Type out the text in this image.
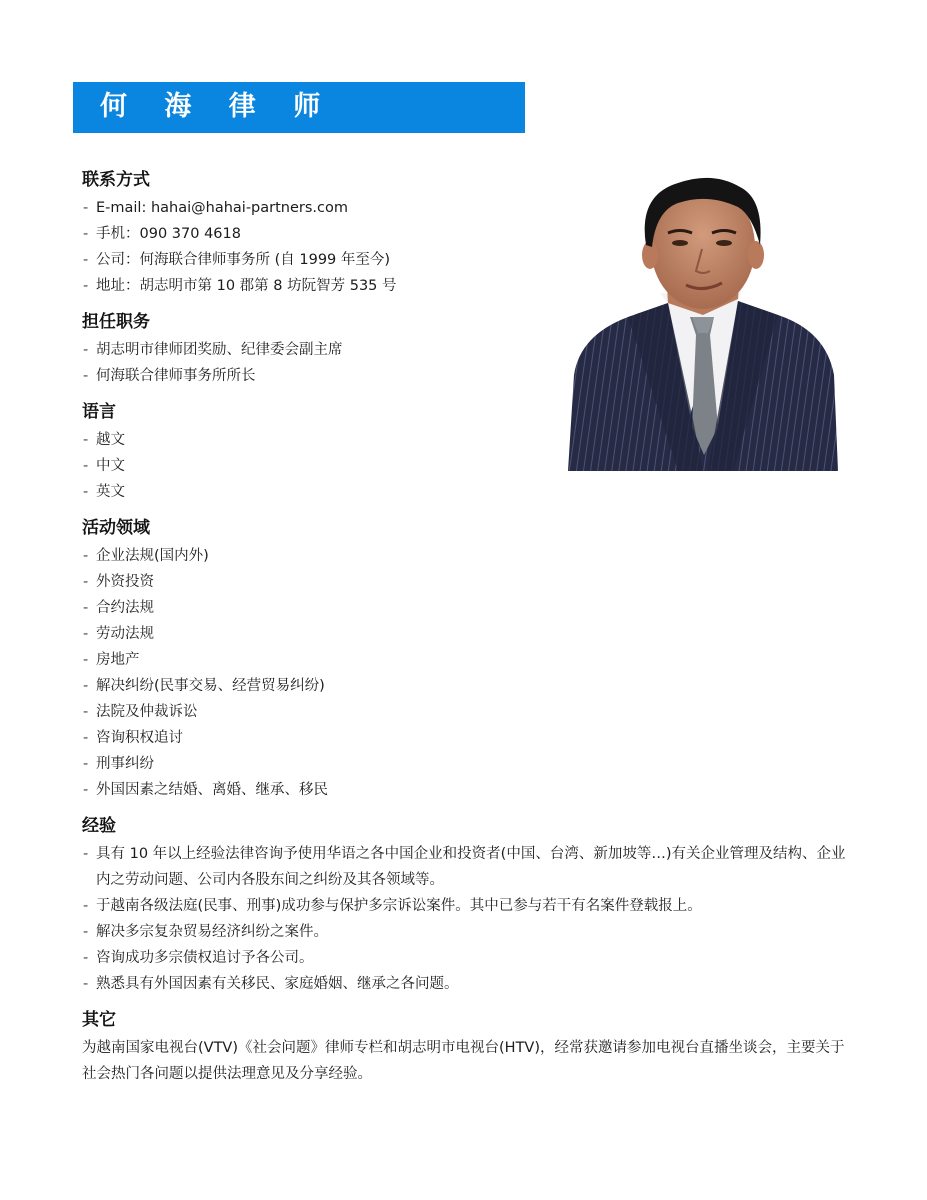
何 海 律 师
联系方式
- E-mail: hahai@hahai-partners.com
- 手机：090 370 4618
- 公司：何海联合律师事务所 (自 1999 年至今)
- 地址：胡志明市第 10 郡第 8 坊阮智芳 535 号
担任职务
- 胡志明市律师团奖励、纪律委会副主席
- 何海联合律师事务所所长
语言
- 越文
- 中文
- 英文
活动领域
- 企业法规(国内外)
- 外资投资
- 合约法规
- 劳动法规
- 房地产
- 解决纠纷(民事交易、经营贸易纠纷)
- 法院及仲裁诉讼
- 咨询积权追讨
- 刑事纠纷
- 外国因素之结婚、离婚、继承、移民
经验
- 具有 10 年以上经验法律咨询予使用华语之各中国企业和投资者(中国、台湾、新加坡等…)有关企业管理及结构、企业内之劳动问题、公司内各股东间之纠纷及其各领域等。
- 于越南各级法庭(民事、刑事)成功参与保护多宗诉讼案件。其中已参与若干有名案件登载报上。
- 解决多宗复杂贸易经济纠纷之案件。
- 咨询成功多宗债权追讨予各公司。
- 熟悉具有外国因素有关移民、家庭婚姻、继承之各问题。
其它

为越南国家电视台(VTV)《社会问题》律师专栏和胡志明市电视台(HTV)，经常获邀请参加电视台直播坐谈会，主要关于社会热门各问题以提供法理意见及分享经验。
